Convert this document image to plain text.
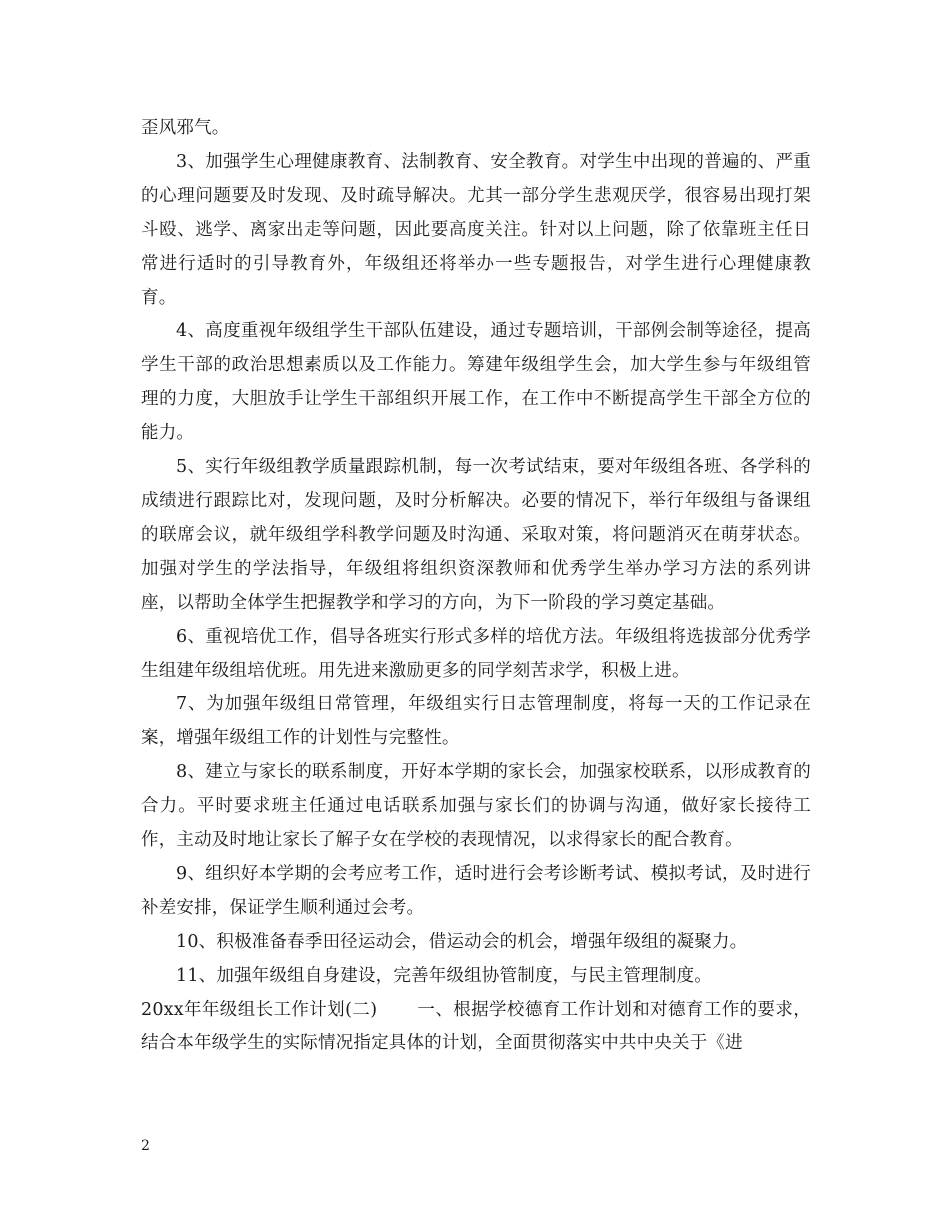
歪风邪气。

3、加强学生心理健康教育、法制教育、安全教育。对学生中出现的普遍的、严重的心理问题要及时发现、及时疏导解决。尤其一部分学生悲观厌学，很容易出现打架斗殴、逃学、离家出走等问题，因此要高度关注。针对以上问题，除了依靠班主任日常进行适时的引导教育外，年级组还将举办一些专题报告，对学生进行心理健康教育。

4、高度重视年级组学生干部队伍建设，通过专题培训，干部例会制等途径，提高学生干部的政治思想素质以及工作能力。筹建年级组学生会，加大学生参与年级组管理的力度，大胆放手让学生干部组织开展工作，在工作中不断提高学生干部全方位的能力。

5、实行年级组教学质量跟踪机制，每一次考试结束，要对年级组各班、各学科的成绩进行跟踪比对，发现问题，及时分析解决。必要的情况下，举行年级组与备课组的联席会议，就年级组学科教学问题及时沟通、采取对策，将问题消灭在萌芽状态。加强对学生的学法指导，年级组将组织资深教师和优秀学生举办学习方法的系列讲座，以帮助全体学生把握教学和学习的方向，为下一阶段的学习奠定基础。

6、重视培优工作，倡导各班实行形式多样的培优方法。年级组将选拔部分优秀学生组建年级组培优班。用先进来激励更多的同学刻苦求学，积极上进。

7、为加强年级组日常管理，年级组实行日志管理制度，将每一天的工作记录在案，增强年级组工作的计划性与完整性。

8、建立与家长的联系制度，开好本学期的家长会，加强家校联系，以形成教育的合力。平时要求班主任通过电话联系加强与家长们的协调与沟通，做好家长接待工作，主动及时地让家长了解子女在学校的表现情况，以求得家长的配合教育。

9、组织好本学期的会考应考工作，适时进行会考诊断考试、模拟考试，及时进行补差安排，保证学生顺利通过会考。

10、积极准备春季田径运动会，借运动会的机会，增强年级组的凝聚力。

11、加强年级组自身建设，完善年级组协管制度，与民主管理制度。

20xx年年级组长工作计划(二) 一、根据学校德育工作计划和对德育工作的要求，结合本年级学生的实际情况指定具体的计划，全面贯彻落实中共中央关于《进

2
